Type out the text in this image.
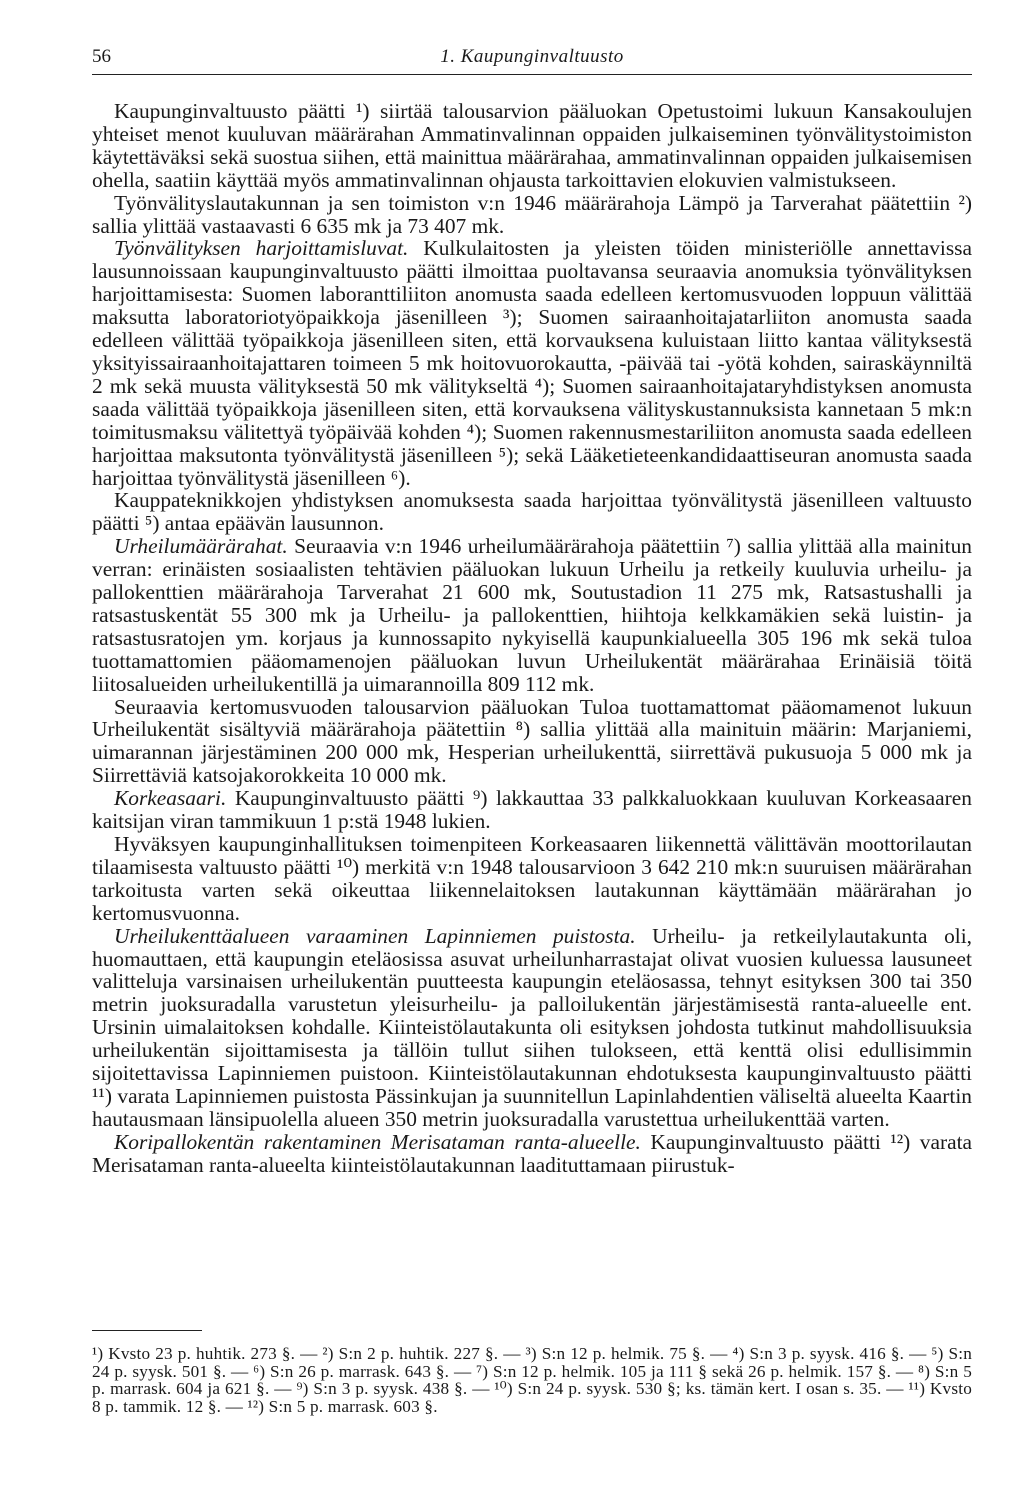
56	1. Kaupunginvaltuusto

Kaupunginvaltuusto päätti ¹) siirtää talousarvion pääluokan Opetustoimi lukuun Kansakoulujen yhteiset menot kuuluvan määrärahan Ammatinvalinnan oppaiden julkaiseminen työnvälitystoimiston käytettäväksi sekä suostua siihen, että mainittua määrärahaa, ammatinvalinnan oppaiden julkaisemisen ohella, saatiin käyttää myös ammatinvalinnan ohjausta tarkoittavien elokuvien valmistukseen.

Työnvälityslautakunnan ja sen toimiston v:n 1946 määrärahoja Lämpö ja Tarverahat päätettiin ²) sallia ylittää vastaavasti 6 635 mk ja 73 407 mk.

Työnvälityksen harjoittamisluvat. Kulkulaitosten ja yleisten töiden ministeriölle annettavissa lausunnoissaan kaupunginvaltuusto päätti ilmoittaa puoltavansa seuraavia anomuksia työnvälityksen harjoittamisesta: Suomen laboranttiliiton anomusta saada edelleen kertomusvuoden loppuun välittää maksutta laboratoriotyöpaikkoja jäsenilleen ³); Suomen sairaanhoitajatarliiton anomusta saada edelleen välittää työpaikkoja jäsenilleen siten, että korvauksena kuluistaan liitto kantaa välityksestä yksityissairaanhoitajattaren toimeen 5 mk hoitovuorokautta, -päivää tai -yötä kohden, sairaskäynniltä 2 mk sekä muusta välityksestä 50 mk välitykseltä ⁴); Suomen sairaanhoitajataryhdistyksen anomusta saada välittää työpaikkoja jäsenilleen siten, että korvauksena välityskustannuksista kannetaan 5 mk:n toimitusmaksu välitettyä työpäivää kohden ⁴); Suomen rakennusmestariliiton anomusta saada edelleen harjoittaa maksutonta työnvälitystä jäsenilleen ⁵); sekä Lääketieteenkandidaattiseuran anomusta saada harjoittaa työnvälitystä jäsenilleen ⁶).

Kauppateknikkojen yhdistyksen anomuksesta saada harjoittaa työnvälitystä jäsenilleen valtuusto päätti ⁵) antaa epäävän lausunnon.

Urheilumäärärahat. Seuraavia v:n 1946 urheilumäärärahoja päätettiin ⁷) sallia ylittää alla mainitun verran: erinäisten sosiaalisten tehtävien pääluokan lukuun Urheilu ja retkeily kuuluvia urheilu- ja pallokenttien määrärahoja Tarverahat 21 600 mk, Soutustadion 11 275 mk, Ratsastushalli ja ratsastuskentät 55 300 mk ja Urheilu- ja pallokenttien, hiihtoja kelkkamäkien sekä luistin- ja ratsastusratojen ym. korjaus ja kunnossapito nykyisellä kaupunkialueella 305 196 mk sekä tuloa tuottamattomien pääomamenojen pääluokan luvun Urheilukentät määrärahaa Erinäisiä töitä liitosalueiden urheilukentillä ja uimarannoilla 809 112 mk.

Seuraavia kertomusvuoden talousarvion pääluokan Tuloa tuottamattomat pääomamenot lukuun Urheilukentät sisältyviä määrärahoja päätettiin ⁸) sallia ylittää alla mainituin määrin: Marjaniemi, uimarannan järjestäminen 200 000 mk, Hesperian urheilukenttä, siirrettävä pukusuoja 5 000 mk ja Siirrettäviä katsojakorokkeita 10 000 mk.

Korkeasaari. Kaupunginvaltuusto päätti ⁹) lakkauttaa 33 palkkaluokkaan kuuluvan Korkeasaaren kaitsijan viran tammikuun 1 p:stä 1948 lukien.

Hyväksyen kaupunginhallituksen toimenpiteen Korkeasaaren liikennettä välittävän moottorilautan tilaamisesta valtuusto päätti ¹⁰) merkitä v:n 1948 talousarvioon 3 642 210 mk:n suuruisen määrärahan tarkoitusta varten sekä oikeuttaa liikennelaitoksen lautakunnan käyttämään määrärahan jo kertomusvuonna.

Urheilukenttäalueen varaaminen Lapinniemen puistosta. Urheilu- ja retkeilylautakunta oli, huomauttaen, että kaupungin eteläosissa asuvat urheilunharrastajat olivat vuosien kuluessa lausuneet valitteluja varsinaisen urheilukentän puutteesta kaupungin eteläosassa, tehnyt esityksen 300 tai 350 metrin juoksuradalla varustetun yleisurheilu- ja palloilukentän järjestämisestä ranta-alueelle ent. Ursinin uimalaitoksen kohdalle. Kiinteistölautakunta oli esityksen johdosta tutkinut mahdollisuuksia urheilukentän sijoittamisesta ja tällöin tullut siihen tulokseen, että kenttä olisi edullisimmin sijoitettavissa Lapinniemen puistoon. Kiinteistölautakunnan ehdotuksesta kaupunginvaltuusto päätti ¹¹) varata Lapinniemen puistosta Pässinkujan ja suunnitellun Lapinlahdentien väliseltä alueelta Kaartin hautausmaan länsipuolella alueen 350 metrin juoksuradalla varustettua urheilukenttää varten.

Koripallokentän rakentaminen Merisataman ranta-alueelle. Kaupunginvaltuusto päätti ¹²) varata Merisataman ranta-alueelta kiinteistölautakunnan laadituttamaan piirustuk-

¹) Kvsto 23 p. huhtik. 273 §. — ²) S:n 2 p. huhtik. 227 §. — ³) S:n 12 p. helmik. 75 §. — ⁴) S:n 3 p. syysk. 416 §. — ⁵) S:n 24 p. syysk. 501 §. — ⁶) S:n 26 p. marrask. 643 §. — ⁷) S:n 12 p. helmik. 105 ja 111 § sekä 26 p. helmik. 157 §. — ⁸) S:n 5 p. marrask. 604 ja 621 §. — ⁹) S:n 3 p. syysk. 438 §. — ¹⁰) S:n 24 p. syysk. 530 §; ks. tämän kert. I osan s. 35. — ¹¹) Kvsto 8 p. tammik. 12 §. — ¹²) S:n 5 p. marrask. 603 §.
